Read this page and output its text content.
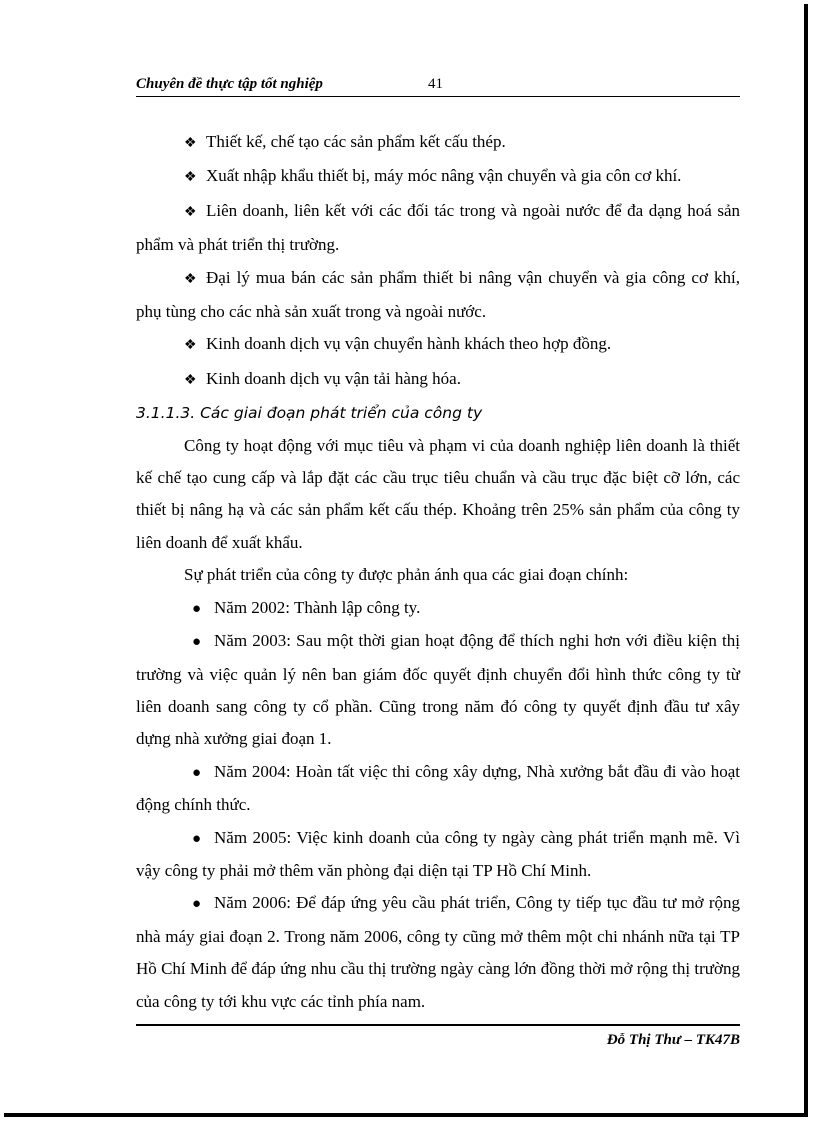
Chuyên đề thực tập tốt nghiệp	41

❖ Thiết kế, chế tạo các sản phẩm kết cấu thép.

❖ Xuất nhập khẩu thiết bị, máy móc nâng vận chuyển và gia côn cơ khí.

❖ Liên doanh, liên kết với các đối tác trong và ngoài nước để đa dạng hoá sản phẩm và phát triển thị trường.

❖ Đại lý mua bán các sản phẩm thiết bi nâng vận chuyển và gia công cơ khí, phụ tùng cho các nhà sản xuất trong và ngoài nước.

❖ Kinh doanh dịch vụ vận chuyển hành khách theo hợp đồng.

❖ Kinh doanh dịch vụ vận tải hàng hóa.

3.1.1.3. Các giai đoạn phát triển của công ty

Công ty hoạt động với mục tiêu và phạm vi của doanh nghiệp liên doanh là thiết kế chế tạo cung cấp và lắp đặt các cầu trục tiêu chuẩn và cầu trục đặc biệt cỡ lớn, các thiết bị nâng hạ và các sản phẩm kết cấu thép. Khoảng trên 25% sản phẩm của công ty liên doanh để xuất khẩu.

Sự phát triển của công ty được phản ánh qua các giai đoạn chính:

● Năm 2002: Thành lập công ty.

● Năm 2003: Sau một thời gian hoạt động để thích nghi hơn với điều kiện thị trường và việc quản lý nên ban giám đốc quyết định chuyển đổi hình thức công ty từ liên doanh sang công ty cổ phần. Cũng trong năm đó công ty quyết định đầu tư xây dựng nhà xưởng giai đoạn 1.

● Năm 2004: Hoàn tất việc thi công xây dựng, Nhà xưởng bắt đầu đi vào hoạt động chính thức.

● Năm 2005: Việc kinh doanh của công ty ngày càng phát triển mạnh mẽ. Vì vậy công ty phải mở thêm văn phòng đại diện tại TP Hồ Chí Minh.

● Năm 2006: Để đáp ứng yêu cầu phát triển, Công ty tiếp tục đầu tư mở rộng nhà máy giai đoạn 2. Trong năm 2006, công ty cũng mở thêm một chi nhánh nữa tại TP Hồ Chí Minh để đáp ứng nhu cầu thị trường ngày càng lớn đồng thời mở rộng thị trường của công ty tới khu vực các tỉnh phía nam.

Đỗ Thị Thư – TK47B
